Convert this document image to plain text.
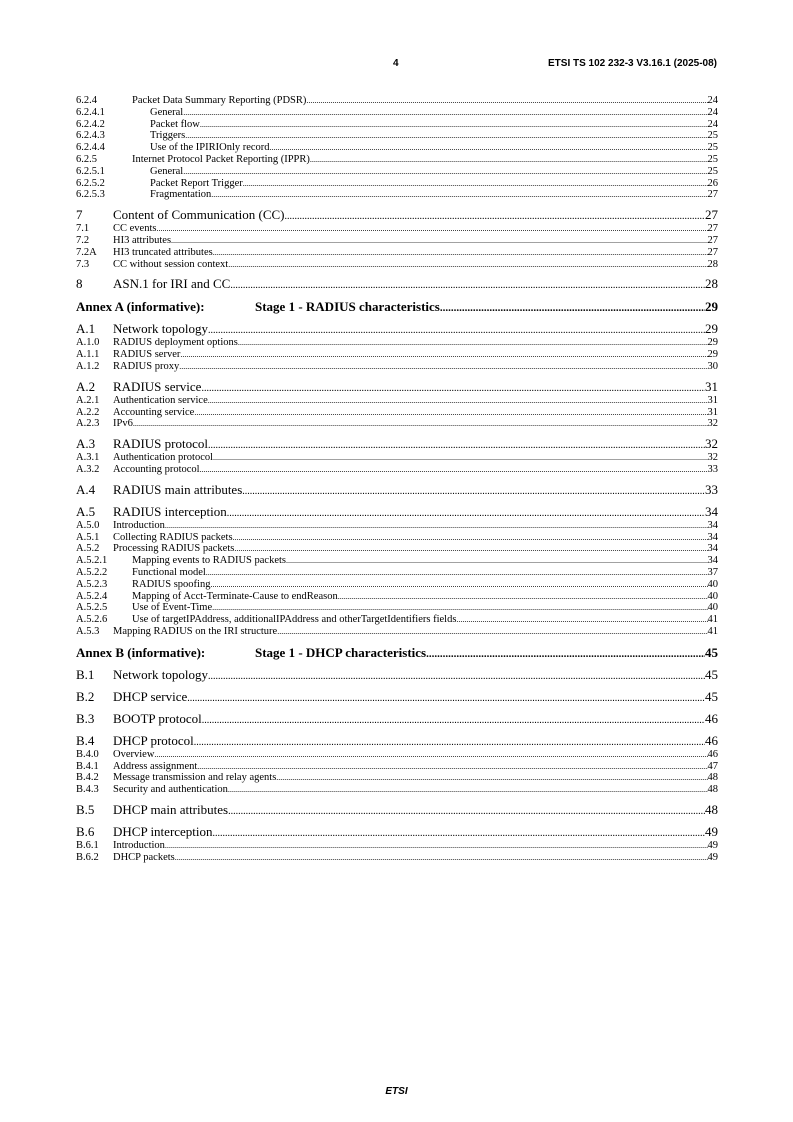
4	ETSI TS 102 232-3 V3.16.1 (2025-08)
6.2.4	Packet Data Summary Reporting (PDSR) .....	24
6.2.4.1	General .....	24
6.2.4.2	Packet flow .....	24
6.2.4.3	Triggers .....	25
6.2.4.4	Use of the IPIRIOnly record .....	25
6.2.5	Internet Protocol Packet Reporting (IPPR) .....	25
6.2.5.1	General .....	25
6.2.5.2	Packet Report Trigger .....	26
6.2.5.3	Fragmentation .....	27
7	Content of Communication (CC) .....	27
7.1	CC events .....	27
7.2	HI3 attributes .....	27
7.2A	HI3 truncated attributes .....	27
7.3	CC without session context .....	28
8	ASN.1 for IRI and CC .....	28
Annex A (informative):	Stage 1 - RADIUS characteristics .....	29
A.1	Network topology .....	29
A.1.0	RADIUS deployment options .....	29
A.1.1	RADIUS server .....	29
A.1.2	RADIUS proxy .....	30
A.2	RADIUS service .....	31
A.2.1	Authentication service .....	31
A.2.2	Accounting service .....	31
A.2.3	IPv6 .....	32
A.3	RADIUS protocol .....	32
A.3.1	Authentication protocol .....	32
A.3.2	Accounting protocol .....	33
A.4	RADIUS main attributes .....	33
A.5	RADIUS interception .....	34
A.5.0	Introduction .....	34
A.5.1	Collecting RADIUS packets .....	34
A.5.2	Processing RADIUS packets .....	34
A.5.2.1	Mapping events to RADIUS packets .....	34
A.5.2.2	Functional model .....	37
A.5.2.3	RADIUS spoofing .....	40
A.5.2.4	Mapping of Acct-Terminate-Cause to endReason .....	40
A.5.2.5	Use of Event-Time .....	40
A.5.2.6	Use of targetIPAddress, additionalIPAddress and otherTargetIdentifiers fields .....	41
A.5.3	Mapping RADIUS on the IRI structure .....	41
Annex B (informative):	Stage 1 - DHCP characteristics .....	45
B.1	Network topology .....	45
B.2	DHCP service .....	45
B.3	BOOTP protocol .....	46
B.4	DHCP protocol .....	46
B.4.0	Overview .....	46
B.4.1	Address assignment .....	47
B.4.2	Message transmission and relay agents .....	48
B.4.3	Security and authentication .....	48
B.5	DHCP main attributes .....	48
B.6	DHCP interception .....	49
B.6.1	Introduction .....	49
B.6.2	DHCP packets .....	49
ETSI
